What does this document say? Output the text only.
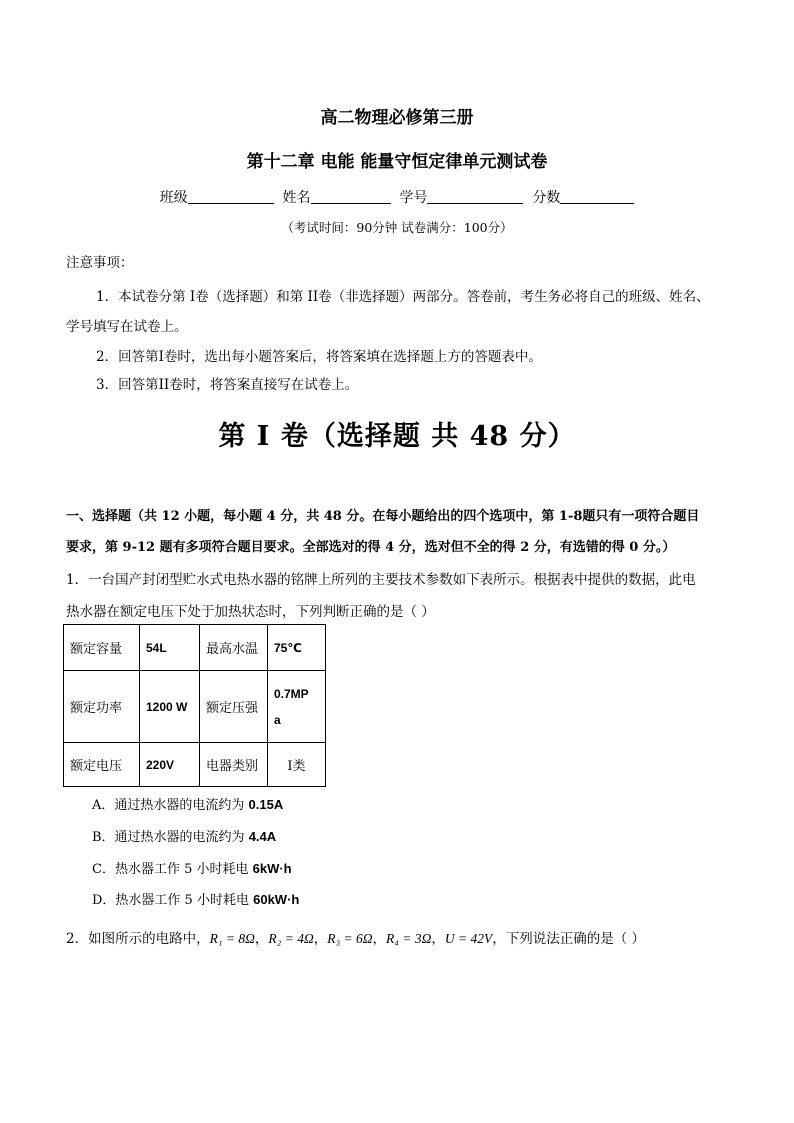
高二物理必修第三册
第十二章 电能 能量守恒定律单元测试卷
班级	姓名	学号	分数
（考试时间：90分钟 试卷满分：100分）
注意事项：
1．本试卷分第 I卷（选择题）和第 II卷（非选择题）两部分。答卷前，考生务必将自己的班级、姓名、
学号填写在试卷上。
2．回答第I卷时，选出每小题答案后，将答案填在选择题上方的答题表中。
3．回答第II卷时，将答案直接写在试卷上。
第 I 卷（选择题 共 48 分）
一、选择题（共 12 小题，每小题 4 分，共 48 分。在每小题给出的四个选项中，第 1-8题只有一项符合题目
要求，第 9-12 题有多项符合题目要求。全部选对的得 4 分，选对但不全的得 2 分，有选错的得 0 分。）
1．一台国产封闭型贮水式电热水器的铭牌上所列的主要技术参数如下表所示。根据表中提供的数据，此电
热水器在额定电压下处于加热状态时，下列判断正确的是（ ）
额定容量	54L	最高水温	75℃
额定功率	1200 W	额定压强	0.7MP
a
额定电压	220V	电器类别	Ⅰ类
A．通过热水器的电流约为 0.15A
B．通过热水器的电流约为 4.4A
C．热水器工作 5 小时耗电 6kW·h
D．热水器工作 5 小时耗电 60kW·h
2．如图所示的电路中，R₁ = 8Ω，R₂ = 4Ω，R₃ = 6Ω，R₄ = 3Ω，U = 42V，下列说法正确的是（ ）
